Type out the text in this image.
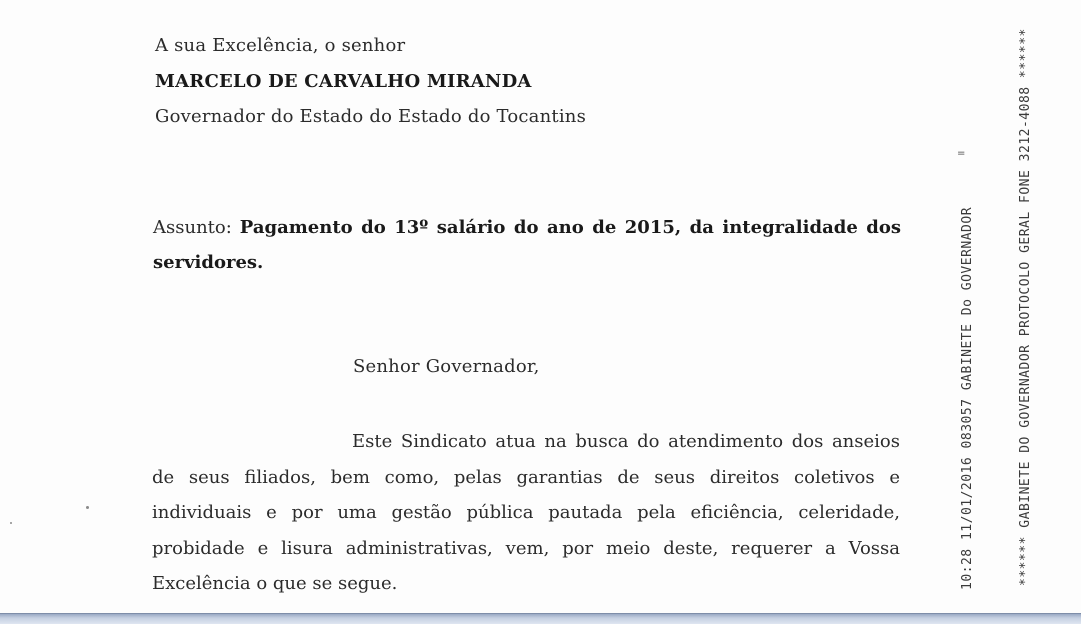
A sua Excelência, o senhor
MARCELO DE CARVALHO MIRANDA
Governador do Estado do Estado do Tocantins
Assunto: Pagamento do 13º salário do ano de 2015, da integralidade dos servidores.
Senhor Governador,
Este Sindicato atua na busca do atendimento dos anseios de seus filiados, bem como, pelas garantias de seus direitos coletivos e individuais e por uma gestão pública pautada pela eficiência, celeridade, probidade e lisura administrativas, vem, por meio deste, requerer a Vossa Excelência o que se segue.
=
10:28 11/01/2016 083057 GABINETE Do GOVERNADOR	****** GABINETE DO GOVERNADOR PROTOCOLO GERAL FONE 3212-4088 ******
